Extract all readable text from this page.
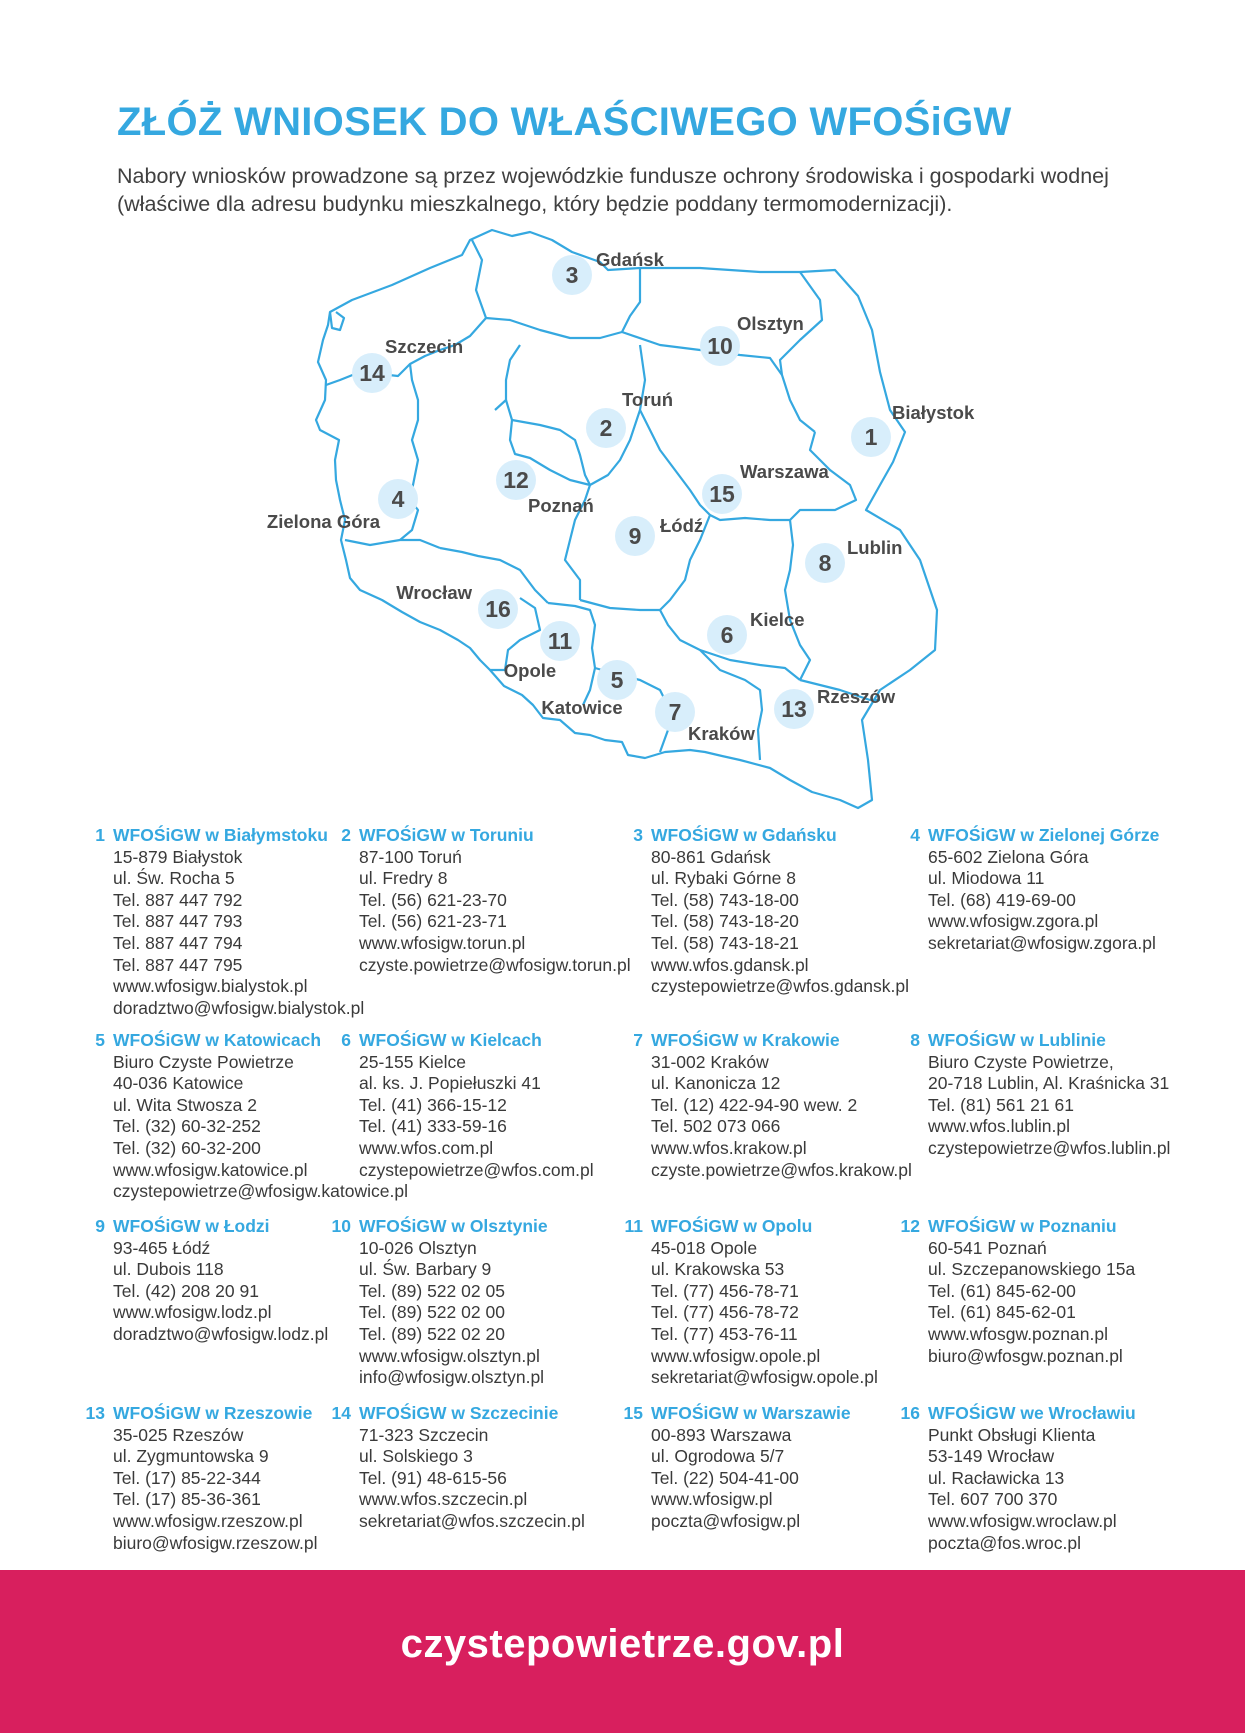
ZŁÓŻ WNIOSEK DO WŁAŚCIWEGO WFOŚiGW
Nabory wniosków prowadzone są przez wojewódzkie fundusze ochrony środowiska i gospodarki wodnej
(właściwe dla adresu budynku mieszkalnego, który będzie poddany termomodernizacji).
1
Białystok
2
Toruń
3
Gdańsk
4
Zielona Góra
5
Katowice
6
Kielce
7
Kraków
8
Lublin
9 Łódź
10
Olsztyn
11
Opole
12
Poznań
13 Rzeszów
14
Szczecin
15
Warszawa
16
Wrocław
1 WFOŚiGW w Białymstoku
15-879 Białystok
ul. Św. Rocha 5
Tel. 887 447 792
Tel. 887 447 793
Tel. 887 447 794
Tel. 887 447 795
www.wfosigw.bialystok.pl
doradztwo@wfosigw.bialystok.pl
2 WFOŚiGW w Toruniu
87-100 Toruń
ul. Fredry 8
Tel. (56) 621-23-70
Tel. (56) 621-23-71
www.wfosigw.torun.pl
czyste.powietrze@wfosigw.torun.pl
3 WFOŚiGW w Gdańsku
80-861 Gdańsk
ul. Rybaki Górne 8
Tel. (58) 743-18-00
Tel. (58) 743-18-20
Tel. (58) 743-18-21
www.wfos.gdansk.pl
czystepowietrze@wfos.gdansk.pl
4 WFOŚiGW w Zielonej Górze
65-602 Zielona Góra
ul. Miodowa 11
Tel. (68) 419-69-00
www.wfosigw.zgora.pl
sekretariat@wfosigw.zgora.pl
5 WFOŚiGW w Katowicach
Biuro Czyste Powietrze
40-036 Katowice
ul. Wita Stwosza 2
Tel. (32) 60-32-252
Tel. (32) 60-32-200
www.wfosigw.katowice.pl
czystepowietrze@wfosigw.katowice.pl
6 WFOŚiGW w Kielcach
25-155 Kielce
al. ks. J. Popiełuszki 41
Tel. (41) 366-15-12
Tel. (41) 333-59-16
www.wfos.com.pl
czystepowietrze@wfos.com.pl
7 WFOŚiGW w Krakowie
31-002 Kraków
ul. Kanonicza 12
Tel. (12) 422-94-90 wew. 2
Tel. 502 073 066
www.wfos.krakow.pl
czyste.powietrze@wfos.krakow.pl
8 WFOŚiGW w Lublinie
Biuro Czyste Powietrze,
20-718 Lublin, Al. Kraśnicka 31
Tel. (81) 561 21 61
www.wfos.lublin.pl
czystepowietrze@wfos.lublin.pl
9 WFOŚiGW w Łodzi
93-465 Łódź
ul. Dubois 118
Tel. (42) 208 20 91
www.wfosigw.lodz.pl
doradztwo@wfosigw.lodz.pl
10 WFOŚiGW w Olsztynie
10-026 Olsztyn
ul. Św. Barbary 9
Tel. (89) 522 02 05
Tel. (89) 522 02 00
Tel. (89) 522 02 20
www.wfosigw.olsztyn.pl
info@wfosigw.olsztyn.pl
11 WFOŚiGW w Opolu
45-018 Opole
ul. Krakowska 53
Tel. (77) 456-78-71
Tel. (77) 456-78-72
Tel. (77) 453-76-11
www.wfosigw.opole.pl
sekretariat@wfosigw.opole.pl
12 WFOŚiGW w Poznaniu
60-541 Poznań
ul. Szczepanowskiego 15a
Tel. (61) 845-62-00
Tel. (61) 845-62-01
www.wfosgw.poznan.pl
biuro@wfosgw.poznan.pl
13 WFOŚiGW w Rzeszowie
35-025 Rzeszów
ul. Zygmuntowska 9
Tel. (17) 85-22-344
Tel. (17) 85-36-361
www.wfosigw.rzeszow.pl
biuro@wfosigw.rzeszow.pl
14 WFOŚiGW w Szczecinie
71-323 Szczecin
ul. Solskiego 3
Tel. (91) 48-615-56
www.wfos.szczecin.pl
sekretariat@wfos.szczecin.pl
15 WFOŚiGW w Warszawie
00-893 Warszawa
ul. Ogrodowa 5/7
Tel. (22) 504-41-00
www.wfosigw.pl
poczta@wfosigw.pl
16 WFOŚiGW we Wrocławiu
Punkt Obsługi Klienta
53-149 Wrocław
ul. Racławicka 13
Tel. 607 700 370
www.wfosigw.wroclaw.pl
poczta@fos.wroc.pl
czystepowietrze.gov.pl
